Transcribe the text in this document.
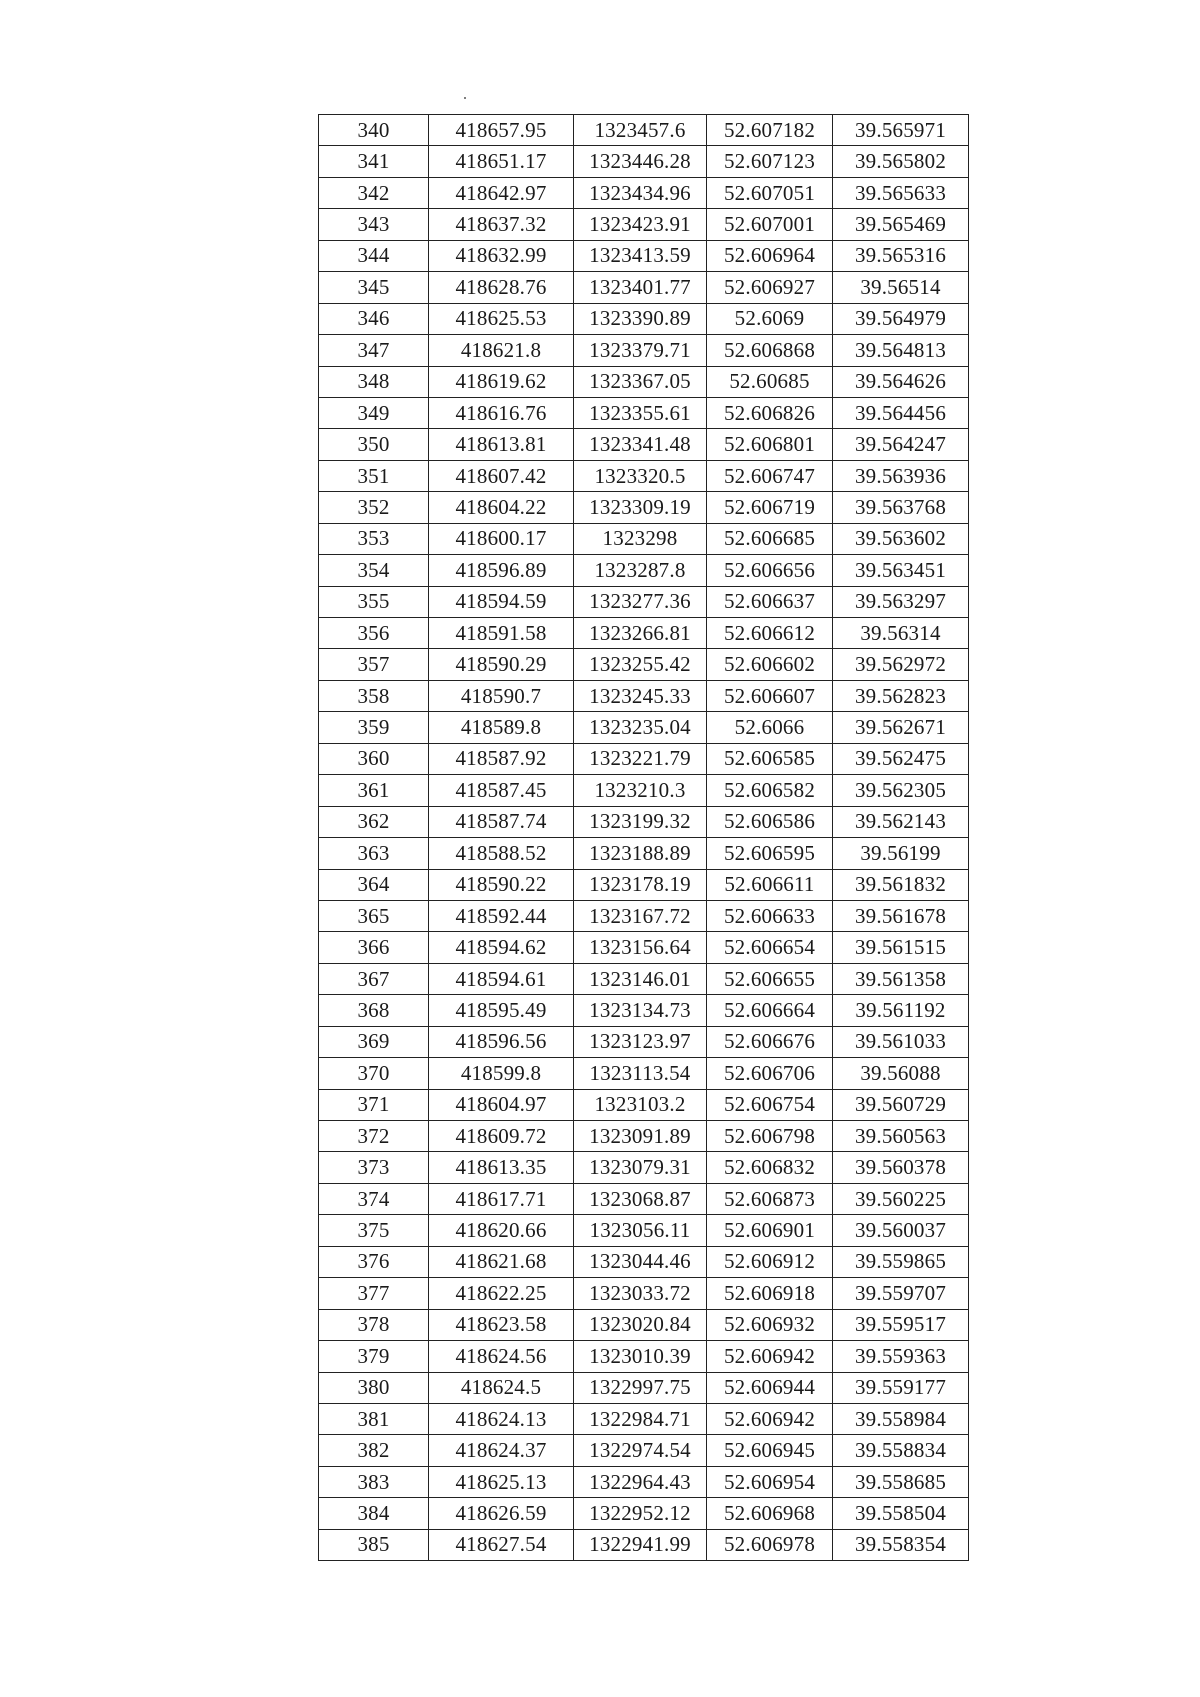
340	418657.95	1323457.6	52.607182	39.565971
341	418651.17	1323446.28	52.607123	39.565802
342	418642.97	1323434.96	52.607051	39.565633
343	418637.32	1323423.91	52.607001	39.565469
344	418632.99	1323413.59	52.606964	39.565316
345	418628.76	1323401.77	52.606927	39.56514
346	418625.53	1323390.89	52.6069	39.564979
347	418621.8	1323379.71	52.606868	39.564813
348	418619.62	1323367.05	52.60685	39.564626
349	418616.76	1323355.61	52.606826	39.564456
350	418613.81	1323341.48	52.606801	39.564247
351	418607.42	1323320.5	52.606747	39.563936
352	418604.22	1323309.19	52.606719	39.563768
353	418600.17	1323298	52.606685	39.563602
354	418596.89	1323287.8	52.606656	39.563451
355	418594.59	1323277.36	52.606637	39.563297
356	418591.58	1323266.81	52.606612	39.56314
357	418590.29	1323255.42	52.606602	39.562972
358	418590.7	1323245.33	52.606607	39.562823
359	418589.8	1323235.04	52.6066	39.562671
360	418587.92	1323221.79	52.606585	39.562475
361	418587.45	1323210.3	52.606582	39.562305
362	418587.74	1323199.32	52.606586	39.562143
363	418588.52	1323188.89	52.606595	39.56199
364	418590.22	1323178.19	52.606611	39.561832
365	418592.44	1323167.72	52.606633	39.561678
366	418594.62	1323156.64	52.606654	39.561515
367	418594.61	1323146.01	52.606655	39.561358
368	418595.49	1323134.73	52.606664	39.561192
369	418596.56	1323123.97	52.606676	39.561033
370	418599.8	1323113.54	52.606706	39.56088
371	418604.97	1323103.2	52.606754	39.560729
372	418609.72	1323091.89	52.606798	39.560563
373	418613.35	1323079.31	52.606832	39.560378
374	418617.71	1323068.87	52.606873	39.560225
375	418620.66	1323056.11	52.606901	39.560037
376	418621.68	1323044.46	52.606912	39.559865
377	418622.25	1323033.72	52.606918	39.559707
378	418623.58	1323020.84	52.606932	39.559517
379	418624.56	1323010.39	52.606942	39.559363
380	418624.5	1322997.75	52.606944	39.559177
381	418624.13	1322984.71	52.606942	39.558984
382	418624.37	1322974.54	52.606945	39.558834
383	418625.13	1322964.43	52.606954	39.558685
384	418626.59	1322952.12	52.606968	39.558504
385	418627.54	1322941.99	52.606978	39.558354
